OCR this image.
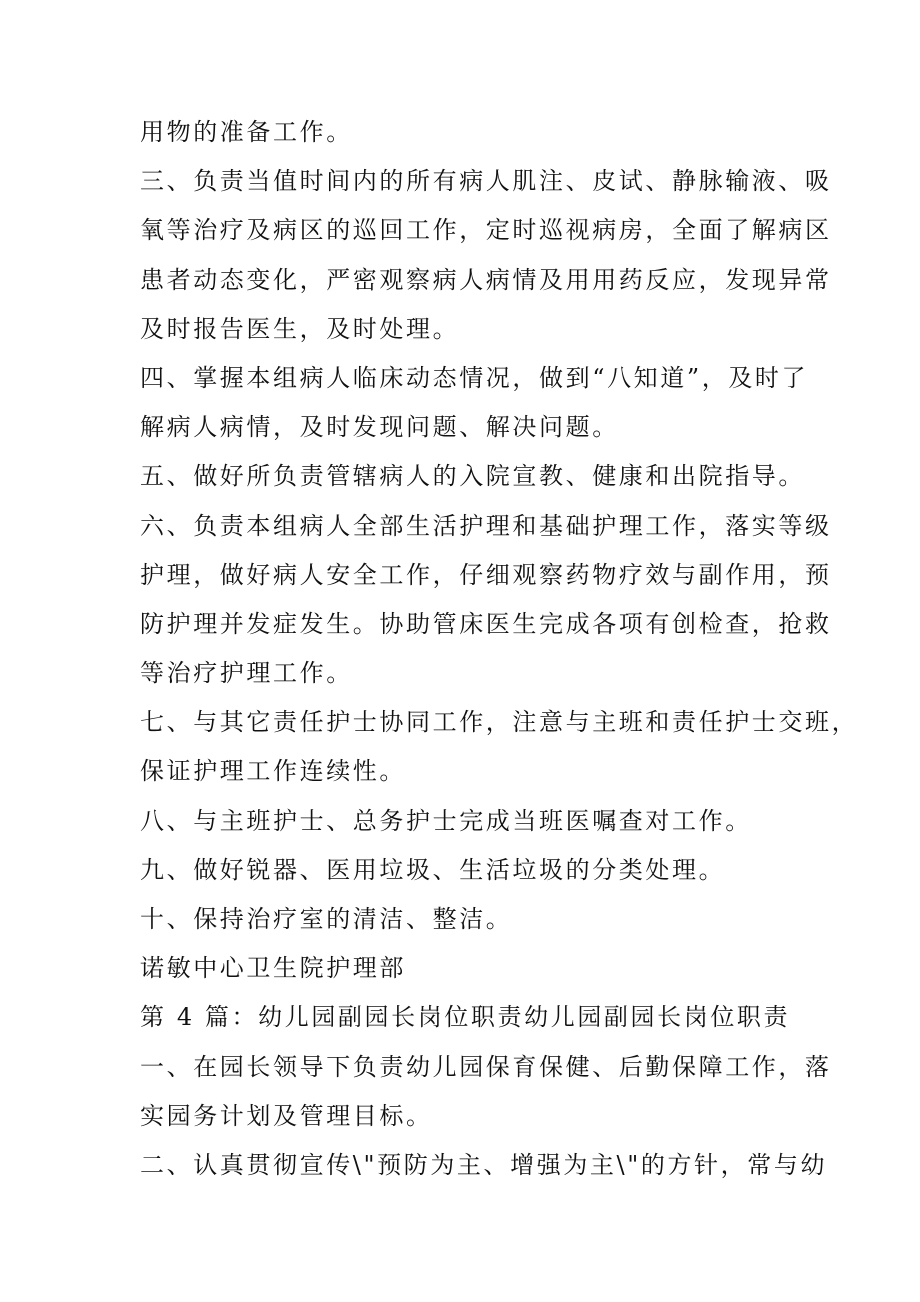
用物的准备工作。
三、负责当值时间内的所有病人肌注、皮试、静脉输液、吸
氧等治疗及病区的巡回工作，定时巡视病房，全面了解病区
患者动态变化，严密观察病人病情及用用药反应，发现异常
及时报告医生，及时处理。
四、掌握本组病人临床动态情况，做到“八知道”，及时了
解病人病情，及时发现问题、解决问题。
五、做好所负责管辖病人的入院宣教、健康和出院指导。
六、负责本组病人全部生活护理和基础护理工作，落实等级
护理，做好病人安全工作，仔细观察药物疗效与副作用，预
防护理并发症发生。协助管床医生完成各项有创检查，抢救
等治疗护理工作。
七、与其它责任护士协同工作，注意与主班和责任护士交班，
保证护理工作连续性。
八、与主班护士、总务护士完成当班医嘱查对工作。
九、做好锐器、医用垃圾、生活垃圾的分类处理。
十、保持治疗室的清洁、整洁。
诺敏中心卫生院护理部
第 4 篇：幼儿园副园长岗位职责幼儿园副园长岗位职责
一、在园长领导下负责幼儿园保育保健、后勤保障工作，落
实园务计划及管理目标。
二、认真贯彻宣传\"预防为主、增强为主\"的方针，常与幼
